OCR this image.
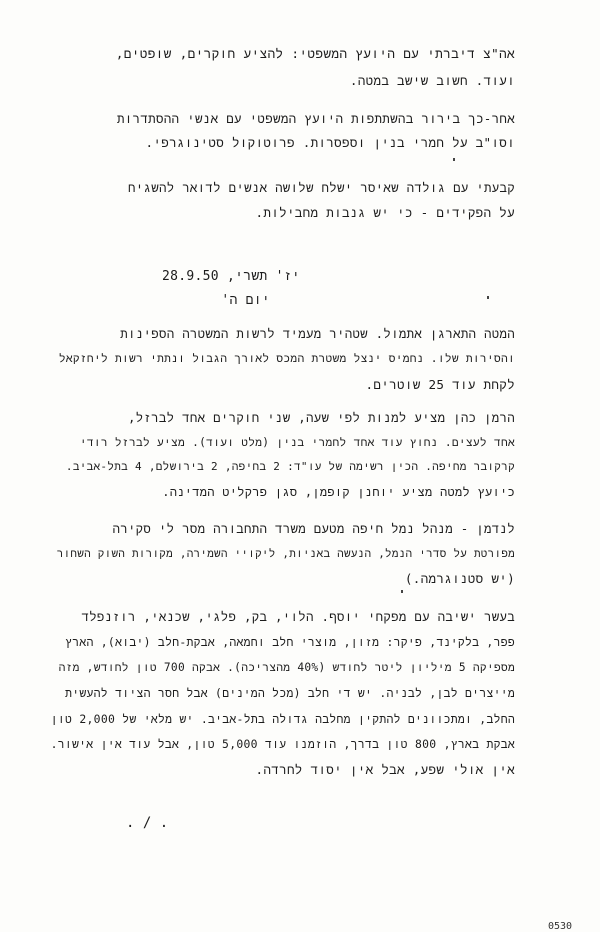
אה"צ דיברתי עם היועץ המשפטי: להציע חוקרים, שופטים,
ועוד. חשוב שישב במטה.
אחר-כך בירור בהשתתפות היועץ המשפטי עם אנשי ההסתדרות
וסו"ב על חמרי בנין וספסרות. פרוטוקול סטינוגרפי.
קבעתי עם גולדה שאיסר ישלח שלושה אנשים לדואר להשגיח
על הפקידים - כי יש גנבות מחבילות.
יז' תשרי, 28.9.50
יום ה'
המטה התארגן אתמול. שטהיר מעמיד לרשות המשטרה הספינות
והסירות שלו. נחמיס ינצל משטרת המכס לאורך הגבול ונתתי רשות ליחזקאל
לקחת עוד 25 שוטרים.
הרמן כהן מציע למנות לפי שעה, שני חוקרים אחד לברזל,
אחד לעצים. נחוץ עוד אחד לחמרי בנין (מלט ועוד). מציע לברזל רודי
קרקובר מחיפה. הכין רשימה של עו"ד: 2 בחיפה, 2 בירושלם, 4 בתל-אביב.
כיועץ למטה מציע יוחנן קופמן, סגן פרקליט המדינה.
לנדמן - מנהל נמל חיפה מטעם משרד התחבורה מסר לי סקירה
מפורטת על סדרי הנמל, הנעשה באניות, ליקויי השמירה, מקורות השוק השחור
(יש סטנוגרמה.)
בעשר ישיבה עם מפקחי יוסף. הלוי, בק, פלגי, שכנאי, רוזנפלד
פפר, בלקינד, פיקר: מזון, מוצרי חלב וחמאה, אבקת-חלב (יבוא), הארץ
מספיקה 5 מיליון ליטר לחודש (40% מהצריכה). אבקה 700 טון לחודש, מזה
מייצרים לבן, לבניה. יש די חלב (מכל המינים) אבל חסר הציוד להעשית
החלב, ומתכוונים להתקין מחלבה גדולה בתל-אביב. יש מלאי של 2,000 טון
אבקת בארץ, 800 טון בדרך, הוזמנו עוד 5,000 טון, אבל עוד אין אישור.
אין אולי שפע, אבל אין יסוד לחרדה.
. / .
0530
